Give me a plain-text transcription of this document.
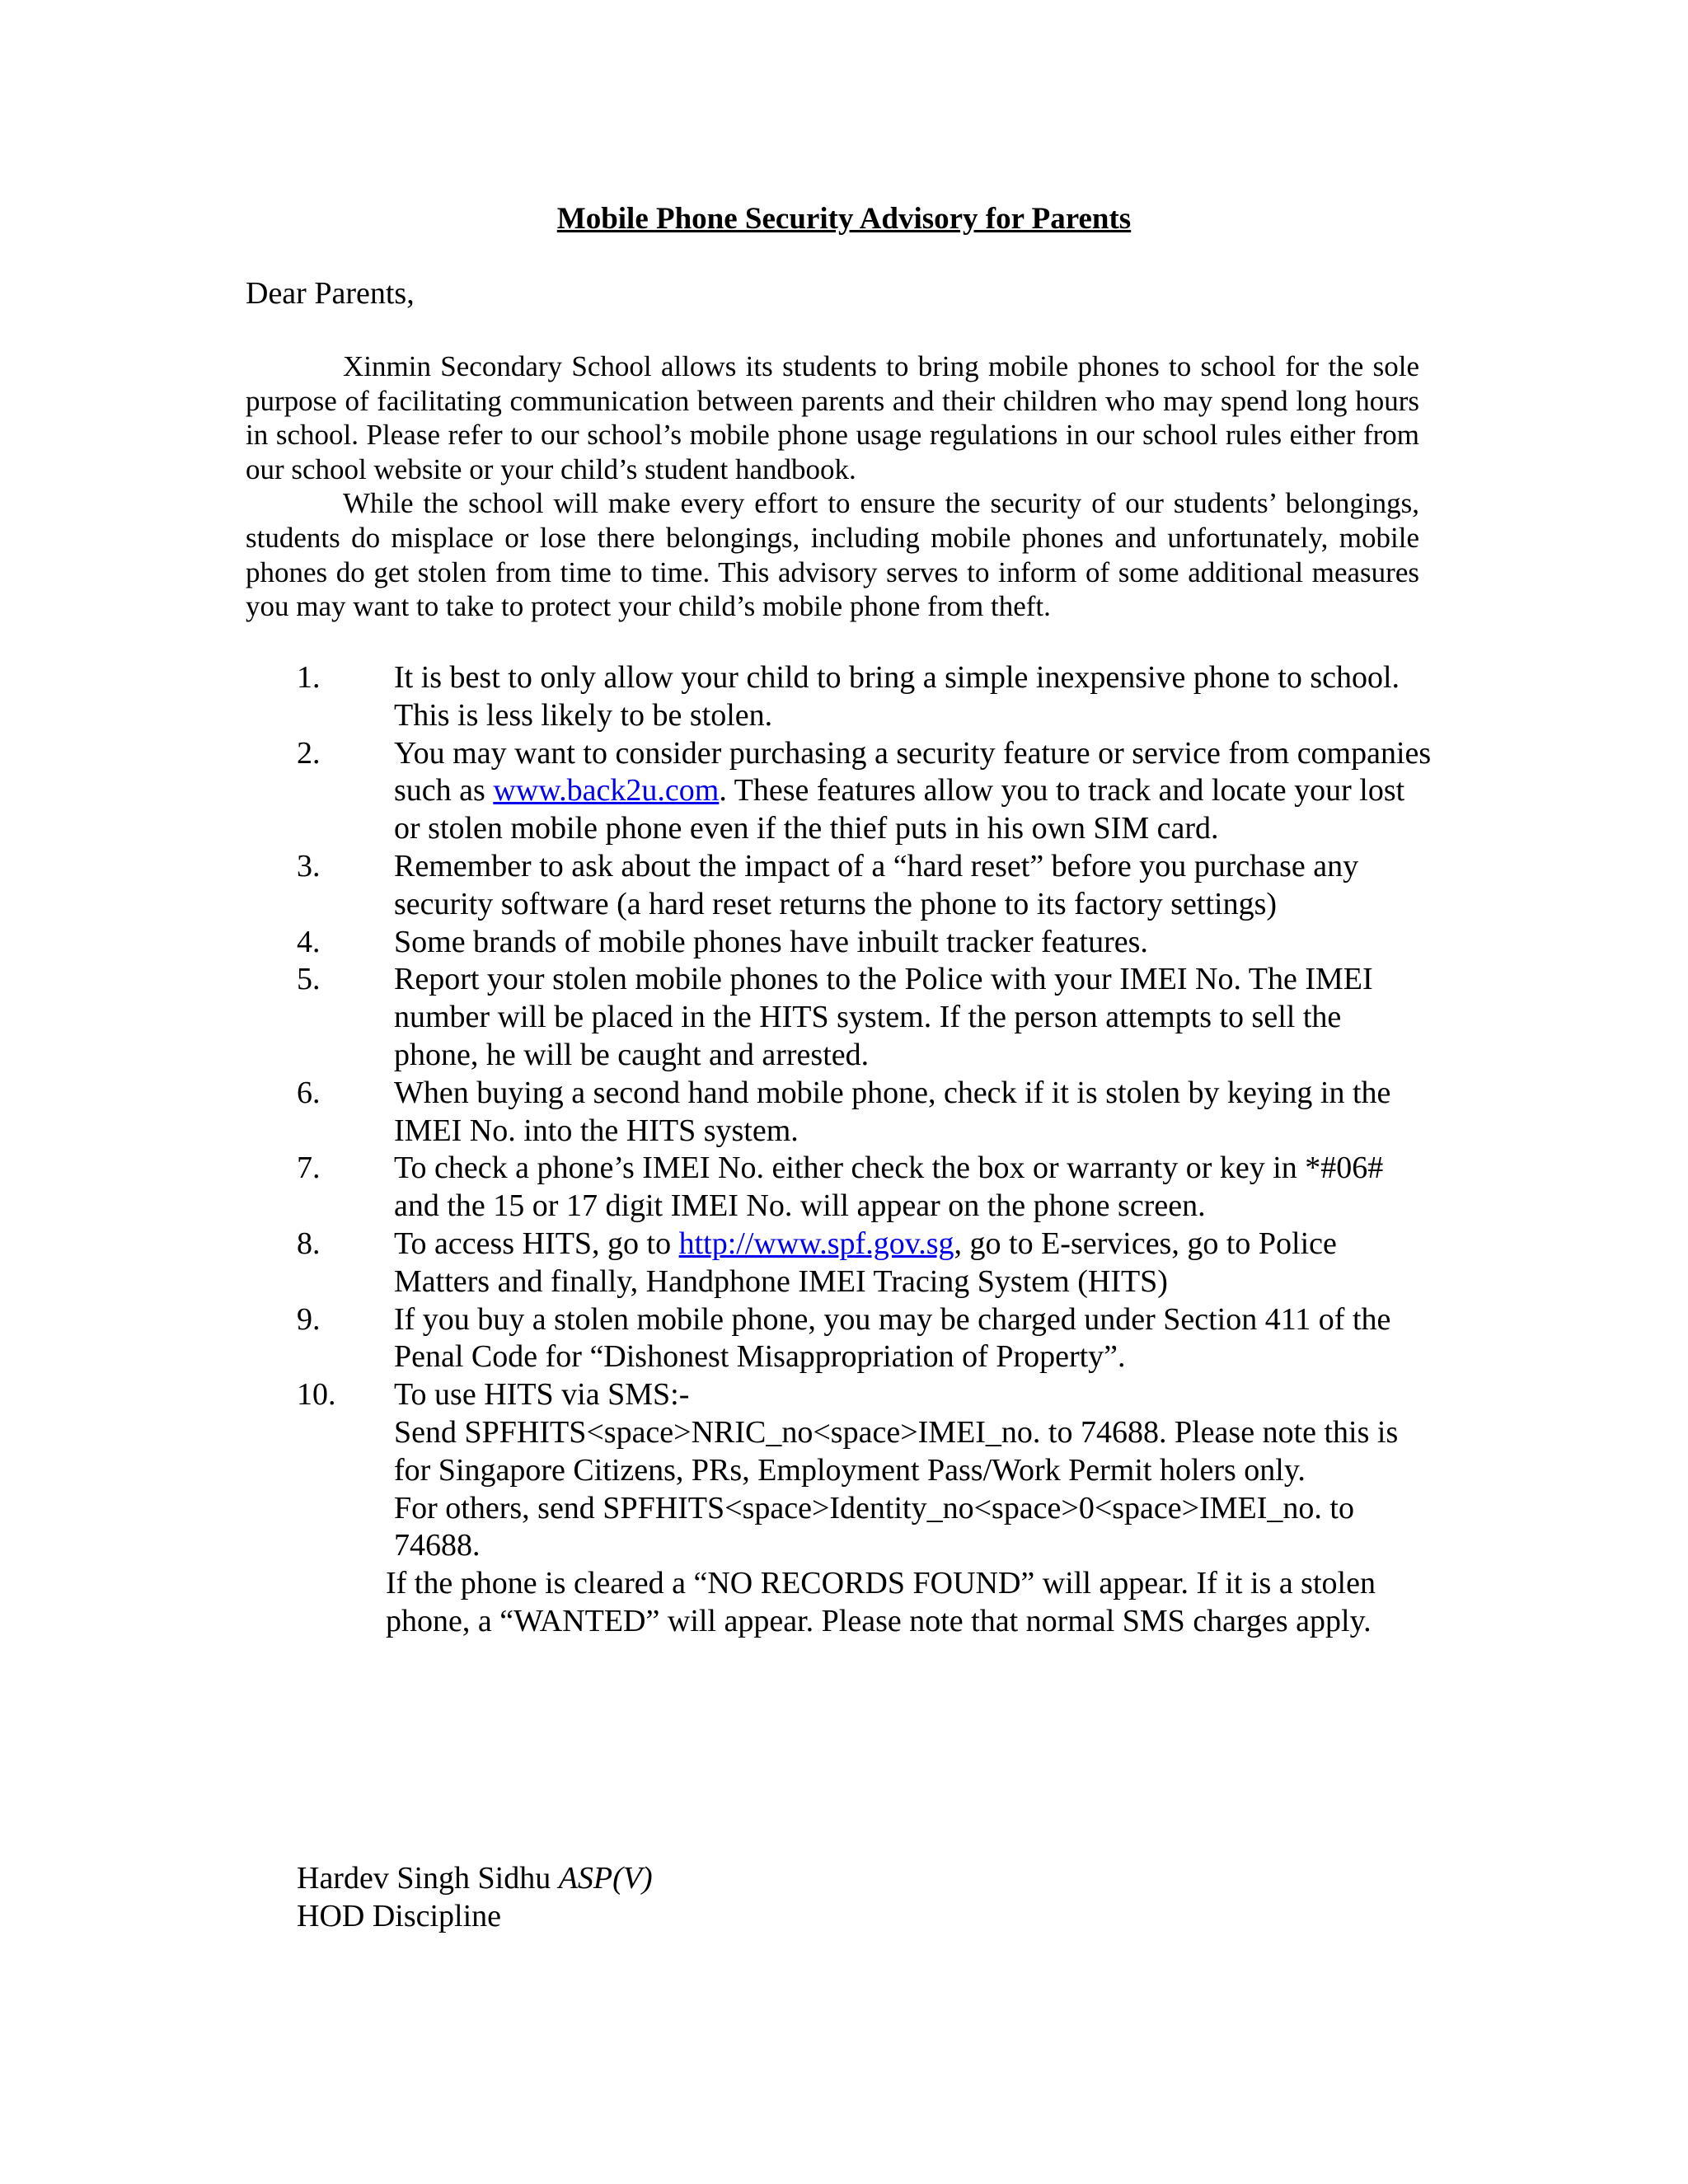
Mobile Phone Security Advisory for Parents
Dear Parents,

Xinmin Secondary School allows its students to bring mobile phones to school for the sole purpose of facilitating communication between parents and their children who may spend long hours in school. Please refer to our school’s mobile phone usage regulations in our school rules either from our school website or your child’s student handbook.

While the school will make every effort to ensure the security of our students’ belongings, students do misplace or lose there belongings, including mobile phones and unfortunately, mobile phones do get stolen from time to time. This advisory serves to inform of some additional measures you may want to take to protect your child’s mobile phone from theft.

1. It is best to only allow your child to bring a simple inexpensive phone to school. This is less likely to be stolen.
2. You may want to consider purchasing a security feature or service from companies such as www.back2u.com. These features allow you to track and locate your lost or stolen mobile phone even if the thief puts in his own SIM card.
3. Remember to ask about the impact of a “hard reset” before you purchase any security software (a hard reset returns the phone to its factory settings)
4. Some brands of mobile phones have inbuilt tracker features.
5. Report your stolen mobile phones to the Police with your IMEI No. The IMEI number will be placed in the HITS system. If the person attempts to sell the phone, he will be caught and arrested.
6. When buying a second hand mobile phone, check if it is stolen by keying in the IMEI No. into the HITS system.
7. To check a phone’s IMEI No. either check the box or warranty or key in *#06# and the 15 or 17 digit IMEI No. will appear on the phone screen.
8. To access HITS, go to http://www.spf.gov.sg, go to E-services, go to Police Matters and finally, Handphone IMEI Tracing System (HITS)
9. If you buy a stolen mobile phone, you may be charged under Section 411 of the Penal Code for “Dishonest Misappropriation of Property”.
10. To use HITS via SMS:-
Send SPFHITS<space>NRIC_no<space>IMEI_no. to 74688. Please note this is for Singapore Citizens, PRs, Employment Pass/Work Permit holers only.
For others, send SPFHITS<space>Identity_no<space>0<space>IMEI_no. to 74688.
If the phone is cleared a “NO RECORDS FOUND” will appear. If it is a stolen phone, a “WANTED” will appear. Please note that normal SMS charges apply.
Hardev Singh Sidhu ASP(V)
HOD Discipline
